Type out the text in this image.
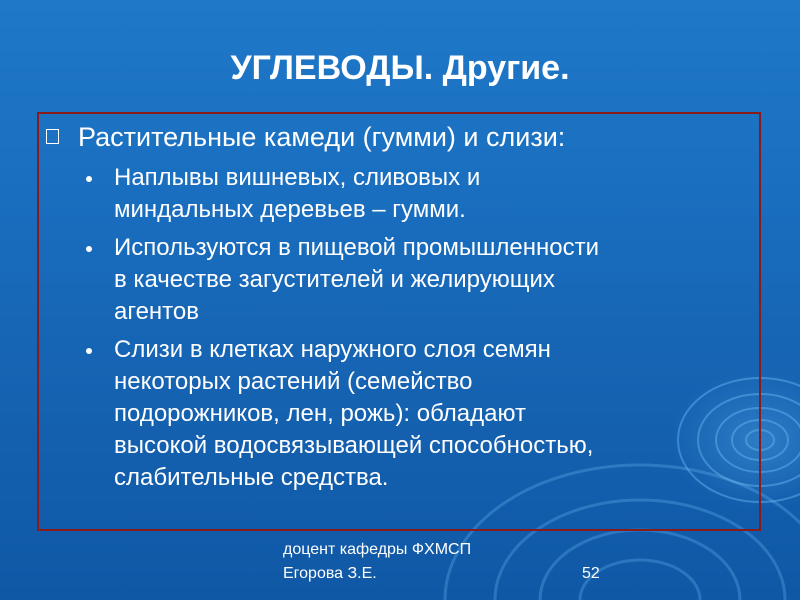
УГЛЕВОДЫ. Другие.
Растительные камеди (гумми) и слизи:
Наплывы вишневых, сливовых и
миндальных деревьев – гумми.
Используются в пищевой промышленности
в качестве загустителей и желирующих
агентов
Слизи в клетках наружного слоя семян
некоторых растений (семейство
подорожников, лен, рожь): обладают
высокой водосвязывающей способностью,
слабительные средства.
доцент кафедры ФХМСП
Егорова З.Е.	52
